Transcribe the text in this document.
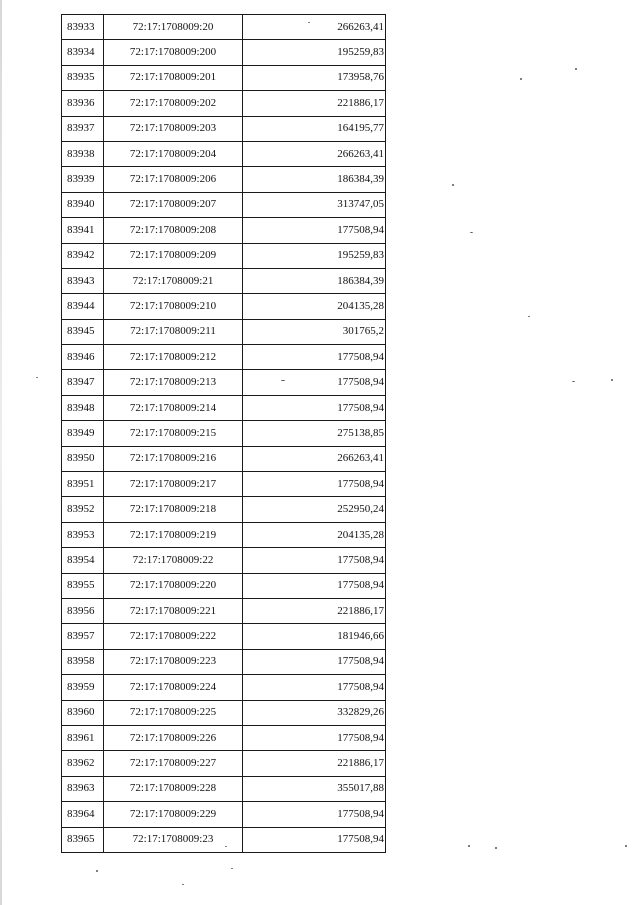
83933	72:17:1708009:20	266263,41
83934	72:17:1708009:200	195259,83
83935	72:17:1708009:201	173958,76
83936	72:17:1708009:202	221886,17
83937	72:17:1708009:203	164195,77
83938	72:17:1708009:204	266263,41
83939	72:17:1708009:206	186384,39
83940	72:17:1708009:207	313747,05
83941	72:17:1708009:208	177508,94
83942	72:17:1708009:209	195259,83
83943	72:17:1708009:21	186384,39
83944	72:17:1708009:210	204135,28
83945	72:17:1708009:211	301765,2
83946	72:17:1708009:212	177508,94
83947	72:17:1708009:213	177508,94
83948	72:17:1708009:214	177508,94
83949	72:17:1708009:215	275138,85
83950	72:17:1708009:216	266263,41
83951	72:17:1708009:217	177508,94
83952	72:17:1708009:218	252950,24
83953	72:17:1708009:219	204135,28
83954	72:17:1708009:22	177508,94
83955	72:17:1708009:220	177508,94
83956	72:17:1708009:221	221886,17
83957	72:17:1708009:222	181946,66
83958	72:17:1708009:223	177508,94
83959	72:17:1708009:224	177508,94
83960	72:17:1708009:225	332829,26
83961	72:17:1708009:226	177508,94
83962	72:17:1708009:227	221886,17
83963	72:17:1708009:228	355017,88
83964	72:17:1708009:229	177508,94
83965	72:17:1708009:23	177508,94
